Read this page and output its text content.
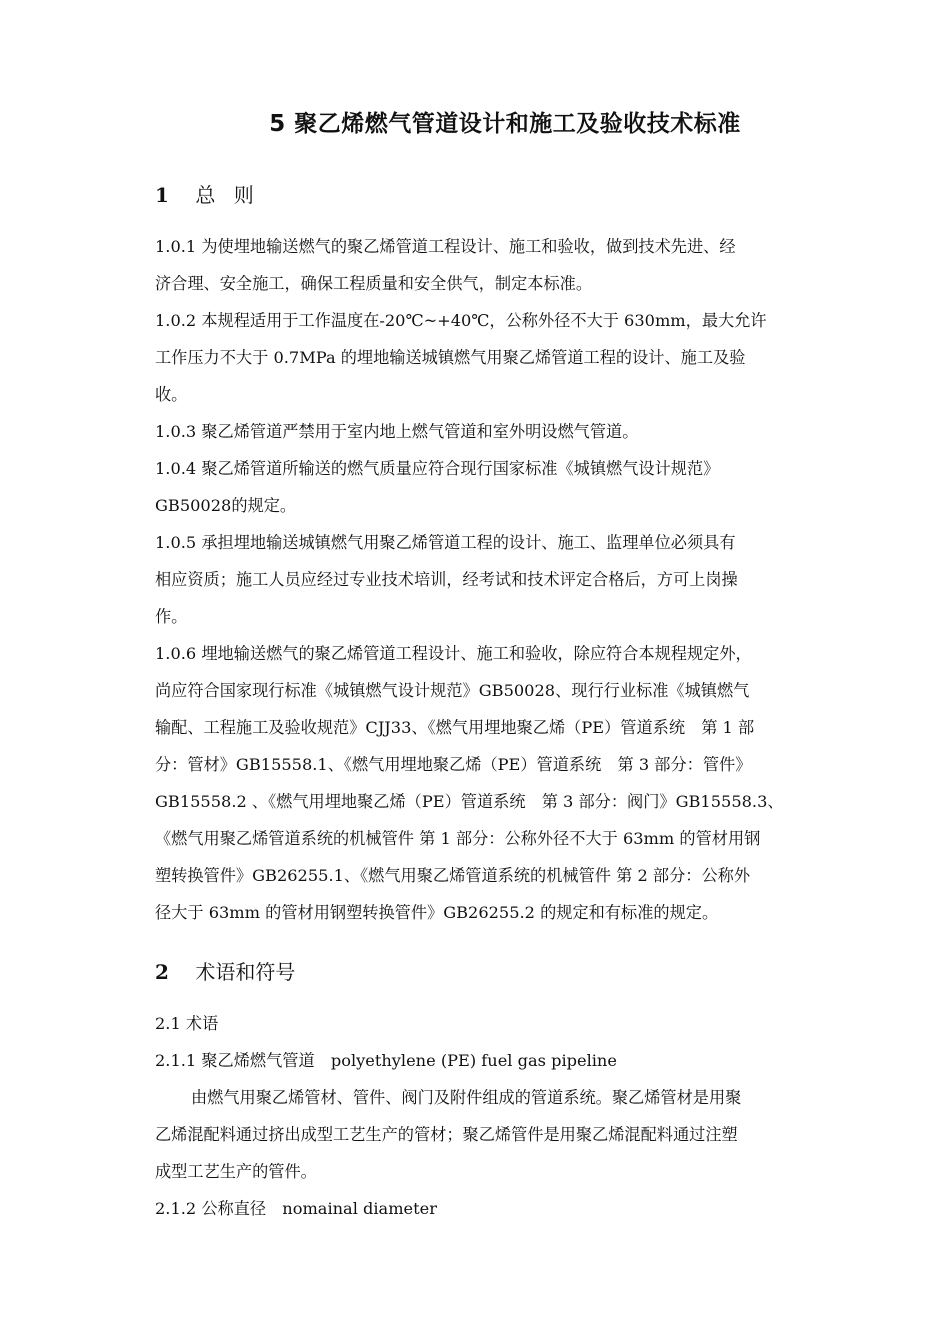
5 聚乙烯燃气管道设计和施工及验收技术标准
1 总 则
1.0.1 为使埋地输送燃气的聚乙烯管道工程设计、施工和验收，做到技术先进、经
济合理、安全施工，确保工程质量和安全供气，制定本标准。
1.0.2 本规程适用于工作温度在-20℃~+40℃，公称外径不大于 630mm，最大允许
工作压力不大于 0.7MPa 的埋地输送城镇燃气用聚乙烯管道工程的设计、施工及验
收。
1.0.3 聚乙烯管道严禁用于室内地上燃气管道和室外明设燃气管道。
1.0.4 聚乙烯管道所输送的燃气质量应符合现行国家标准《城镇燃气设计规范》
GB50028的规定。
1.0.5 承担埋地输送城镇燃气用聚乙烯管道工程的设计、施工、监理单位必须具有
相应资质；施工人员应经过专业技术培训，经考试和技术评定合格后，方可上岗操
作。
1.0.6 埋地输送燃气的聚乙烯管道工程设计、施工和验收，除应符合本规程规定外，
尚应符合国家现行标准《城镇燃气设计规范》GB50028、现行行业标准《城镇燃气
输配、工程施工及验收规范》CJJ33、《燃气用埋地聚乙烯（PE）管道系统　第 1 部
分：管材》GB15558.1、《燃气用埋地聚乙烯（PE）管道系统　第 3 部分：管件》
GB15558.2 、《燃气用埋地聚乙烯（PE）管道系统　第 3 部分：阀门》GB15558.3、
《燃气用聚乙烯管道系统的机械管件 第 1 部分：公称外径不大于 63mm 的管材用钢
塑转换管件》GB26255.1、《燃气用聚乙烯管道系统的机械管件 第 2 部分：公称外
径大于 63mm 的管材用钢塑转换管件》GB26255.2 的规定和有标准的规定。
2 术语和符号
2.1 术语
2.1.1 聚乙烯燃气管道　polyethylene (PE) fuel gas pipeline
由燃气用聚乙烯管材、管件、阀门及附件组成的管道系统。聚乙烯管材是用聚
乙烯混配料通过挤出成型工艺生产的管材；聚乙烯管件是用聚乙烯混配料通过注塑
成型工艺生产的管件。
2.1.2 公称直径　nomainal diameter
